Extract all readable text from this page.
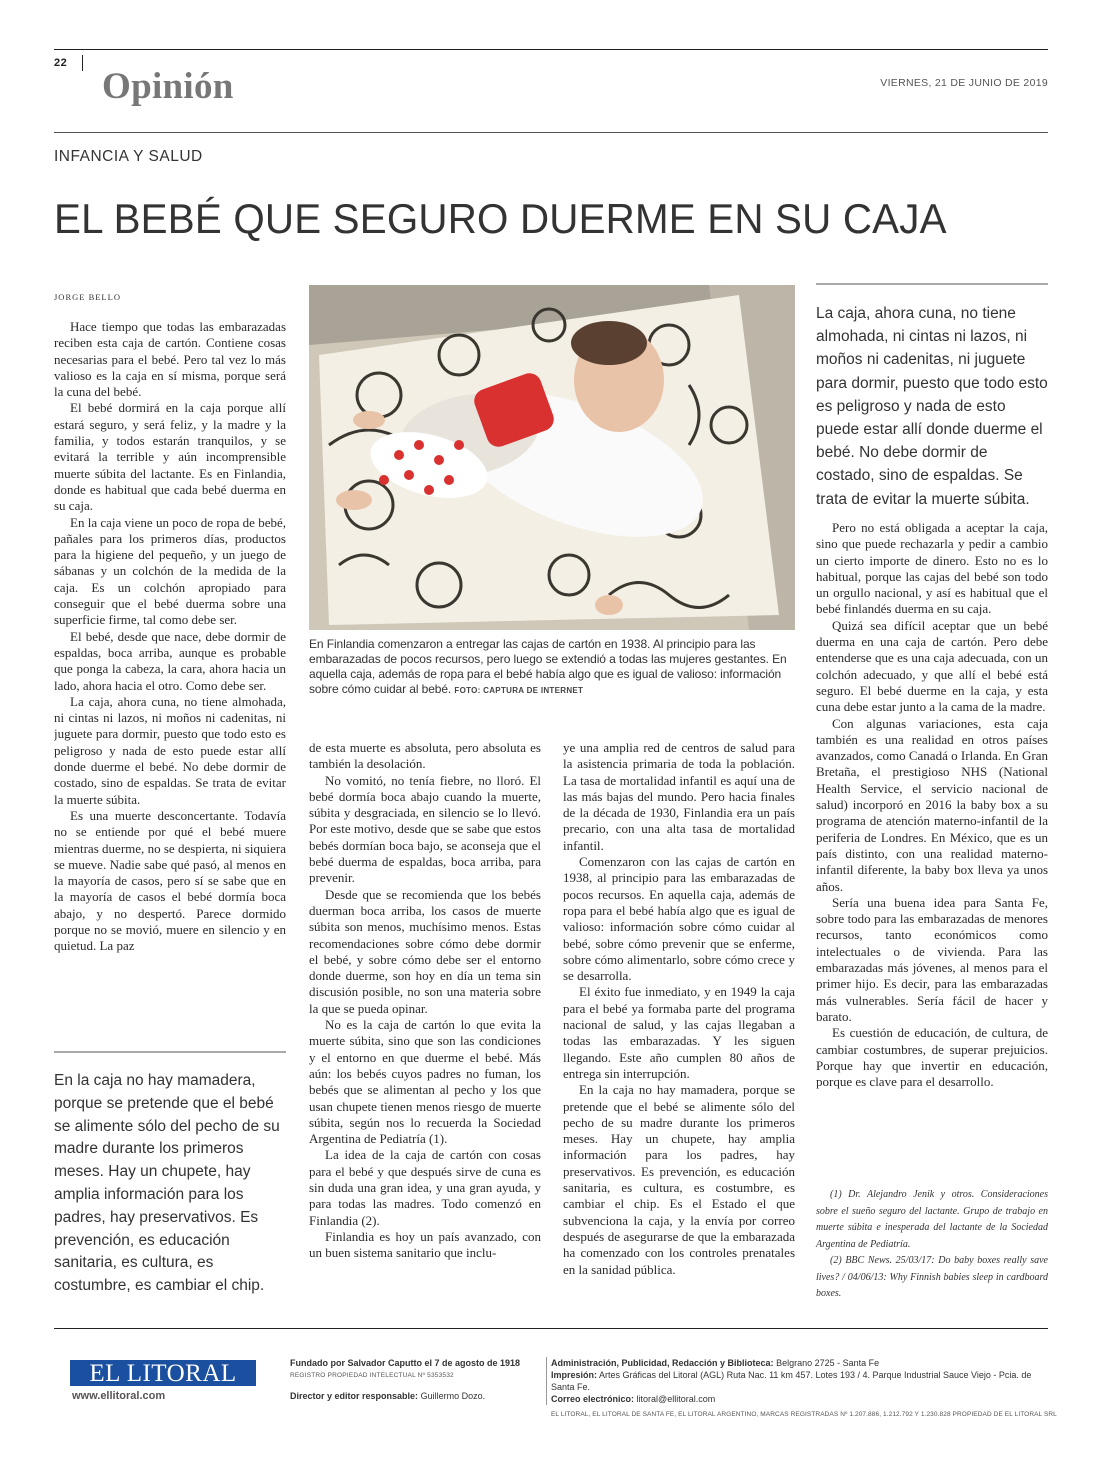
22
Opinión	VIERNES, 21 DE JUNIO DE 2019
INFANCIA Y SALUD
EL BEBÉ QUE SEGURO DUERME EN SU CAJA
JORGE BELLO

Hace tiempo que todas las embarazadas reciben esta caja de cartón. Contiene cosas necesarias para el bebé. Pero tal vez lo más valioso es la caja en sí misma, porque será la cuna del bebé.

El bebé dormirá en la caja porque allí estará seguro, y será feliz, y la madre y la familia, y todos estarán tranquilos, y se evitará la terrible y aún incomprensible muerte súbita del lactante. Es en Finlandia, donde es habitual que cada bebé duerma en su caja.

En la caja viene un poco de ropa de bebé, pañales para los primeros días, productos para la higiene del pequeño, y un juego de sábanas y un colchón de la medida de la caja. Es un colchón apropiado para conseguir que el bebé duerma sobre una superficie firme, tal como debe ser.

El bebé, desde que nace, debe dormir de espaldas, boca arriba, aunque es probable que ponga la cabeza, la cara, ahora hacia un lado, ahora hacia el otro. Como debe ser.

La caja, ahora cuna, no tiene almohada, ni cintas ni lazos, ni moños ni cadenitas, ni juguete para dormir, puesto que todo esto es peligroso y nada de esto puede estar allí donde duerme el bebé. No debe dormir de costado, sino de espaldas. Se trata de evitar la muerte súbita.

Es una muerte desconcertante. Todavía no se entiende por qué el bebé muere mientras duerme, no se despierta, ni siquiera se mueve. Nadie sabe qué pasó, al menos en la mayoría de casos, pero sí se sabe que en la mayoría de casos el bebé dormía boca abajo, y no despertó. Parece dormido porque no se movió, muere en silencio y en quietud. La paz

En Finlandia comenzaron a entregar las cajas de cartón en 1938. Al principio para las embarazadas de pocos recursos, pero luego se extendió a todas las mujeres gestantes. En aquella caja, además de ropa para el bebé había algo que es igual de valioso: información sobre cómo cuidar al bebé. FOTO: CAPTURA DE INTERNET

de esta muerte es absoluta, pero absoluta es también la desolación.

No vomitó, no tenía fiebre, no lloró. El bebé dormía boca abajo cuando la muerte, súbita y desgraciada, en silencio se lo llevó. Por este motivo, desde que se sabe que estos bebés dormían boca bajo, se aconseja que el bebé duerma de espaldas, boca arriba, para prevenir.

Desde que se recomienda que los bebés duerman boca arriba, los casos de muerte súbita son menos, muchísimo menos. Estas recomendaciones sobre cómo debe dormir el bebé, y sobre cómo debe ser el entorno donde duerme, son hoy en día un tema sin discusión posible, no son una materia sobre la que se pueda opinar.

No es la caja de cartón lo que evita la muerte súbita, sino que son las condiciones y el entorno en que duerme el bebé. Más aún: los bebés cuyos padres no fuman, los bebés que se alimentan al pecho y los que usan chupete tienen menos riesgo de muerte súbita, según nos lo recuerda la Sociedad Argentina de Pediatría (1).

La idea de la caja de cartón con cosas para el bebé y que después sirve de cuna es sin duda una gran idea, y una gran ayuda, y para todas las madres. Todo comenzó en Finlandia (2).

Finlandia es hoy un país avanzado, con un buen sistema sanitario que inclu-

ye una amplia red de centros de salud para la asistencia primaria de toda la población. La tasa de mortalidad infantil es aquí una de las más bajas del mundo. Pero hacia finales de la década de 1930, Finlandia era un país precario, con una alta tasa de mortalidad infantil.

Comenzaron con las cajas de cartón en 1938, al principio para las embarazadas de pocos recursos. En aquella caja, además de ropa para el bebé había algo que es igual de valioso: información sobre cómo cuidar al bebé, sobre cómo prevenir que se enferme, sobre cómo alimentarlo, sobre cómo crece y se desarrolla.

El éxito fue inmediato, y en 1949 la caja para el bebé ya formaba parte del programa nacional de salud, y las cajas llegaban a todas las embarazadas. Y les siguen llegando. Este año cumplen 80 años de entrega sin interrupción.

En la caja no hay mamadera, porque se pretende que el bebé se alimente sólo del pecho de su madre durante los primeros meses. Hay un chupete, hay amplia información para los padres, hay preservativos. Es prevención, es educación sanitaria, es cultura, es costumbre, es cambiar el chip. Es el Estado el que subvenciona la caja, y la envía por correo después de asegurarse de que la embarazada ha comenzado con los controles prenatales en la sanidad pública.

La caja, ahora cuna, no tiene almohada, ni cintas ni lazos, ni moños ni cadenitas, ni juguete para dormir, puesto que todo esto es peligroso y nada de esto puede estar allí donde duerme el bebé. No debe dormir de costado, sino de espaldas. Se trata de evitar la muerte súbita.

Pero no está obligada a aceptar la caja, sino que puede rechazarla y pedir a cambio un cierto importe de dinero. Esto no es lo habitual, porque las cajas del bebé son todo un orgullo nacional, y así es habitual que el bebé finlandés duerma en su caja.

Quizá sea difícil aceptar que un bebé duerma en una caja de cartón. Pero debe entenderse que es una caja adecuada, con un colchón adecuado, y que allí el bebé está seguro. El bebé duerme en la caja, y esta cuna debe estar junto a la cama de la madre.

Con algunas variaciones, esta caja también es una realidad en otros países avanzados, como Canadá o Irlanda. En Gran Bretaña, el prestigioso NHS (National Health Service, el servicio nacional de salud) incorporó en 2016 la baby box a su programa de atención materno-infantil de la periferia de Londres. En México, que es un país distinto, con una realidad materno-infantil diferente, la baby box lleva ya unos años.

Sería una buena idea para Santa Fe, sobre todo para las embarazadas de menores recursos, tanto económicos como intelectuales o de vivienda. Para las embarazadas más jóvenes, al menos para el primer hijo. Es decir, para las embarazadas más vulnerables. Sería fácil de hacer y barato.

Es cuestión de educación, de cultura, de cambiar costumbres, de superar prejuicios. Porque hay que invertir en educación, porque es clave para el desarrollo.

En la caja no hay mamadera, porque se pretende que el bebé se alimente sólo del pecho de su madre durante los primeros meses. Hay un chupete, hay amplia información para los padres, hay preservativos. Es prevención, es educación sanitaria, es cultura, es costumbre, es cambiar el chip.

(1) Dr. Alejandro Jenik y otros. Consideraciones sobre el sueño seguro del lactante. Grupo de trabajo en muerte súbita e inesperada del lactante de la Sociedad Argentina de Pediatría.

(2) BBC News. 25/03/17: Do baby boxes really save lives? / 04/06/13: Why Finnish babies sleep in cardboard boxes.

EL LITORAL
www.ellitoral.com
Fundado por Salvador Caputto el 7 de agosto de 1918
REGISTRO PROPIEDAD INTELECTUAL Nº 5353532
Director y editor responsable: Guillermo Dozo.
Administración, Publicidad, Redacción y Biblioteca: Belgrano 2725 - Santa Fe
Impresión: Artes Gráficas del Litoral (AGL) Ruta Nac. 11 km 457. Lotes 193 / 4. Parque Industrial Sauce Viejo - Pcia. de Santa Fe.
Correo electrónico: litoral@ellitoral.com
EL LITORAL, EL LITORAL DE SANTA FE, EL LITORAL ARGENTINO, MARCAS REGISTRADAS Nº 1.207.886, 1.212.792 Y 1.230.828 PROPIEDAD DE EL LITORAL SRL
